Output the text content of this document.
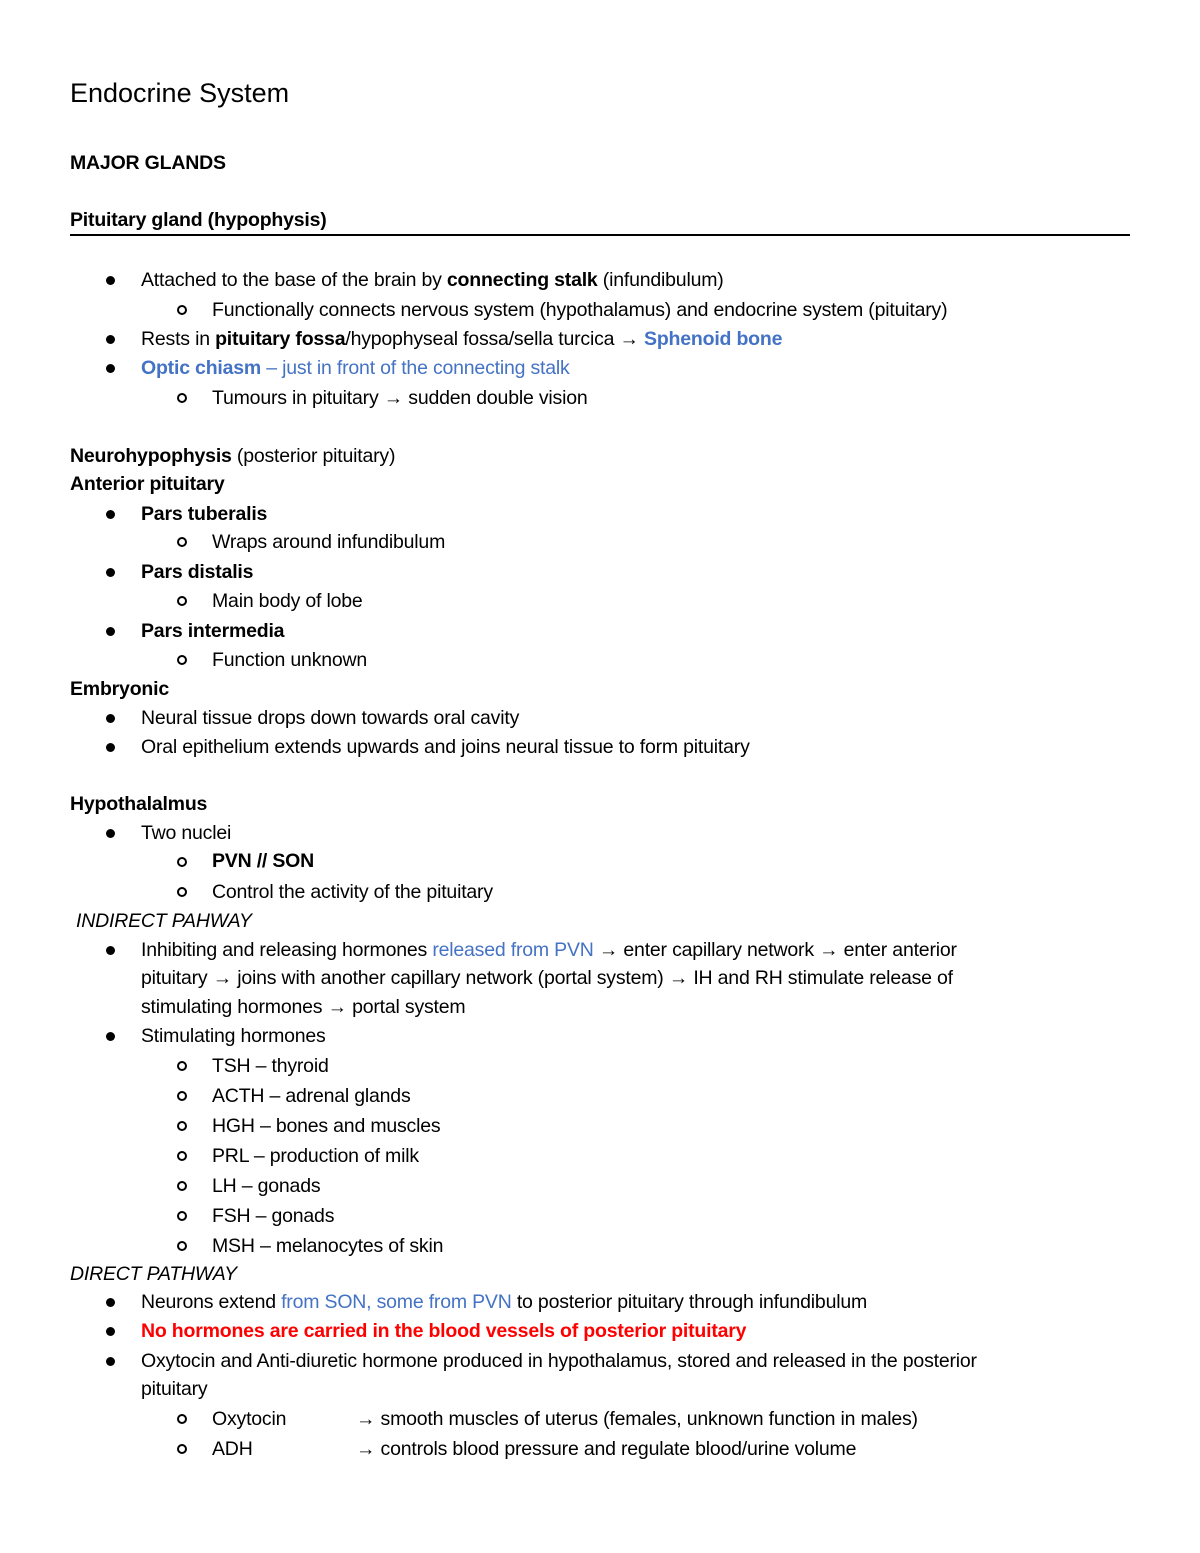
Endocrine System
MAJOR GLANDS
Pituitary gland (hypophysis)
Attached to the base of the brain by connecting stalk (infundibulum)
Functionally connects nervous system (hypothalamus) and endocrine system (pituitary)
Rests in pituitary fossa/hypophyseal fossa/sella turcica → Sphenoid bone
Optic chiasm – just in front of the connecting stalk
Tumours in pituitary → sudden double vision
Neurohypophysis (posterior pituitary)
Anterior pituitary
Pars tuberalis
Wraps around infundibulum
Pars distalis
Main body of lobe
Pars intermedia
Function unknown
Embryonic
Neural tissue drops down towards oral cavity
Oral epithelium extends upwards and joins neural tissue to form pituitary
Hypothalalmus
Two nuclei
PVN // SON
Control the activity of the pituitary
INDIRECT PAHWAY
Inhibiting and releasing hormones released from PVN → enter capillary network → enter anterior
pituitary → joins with another capillary network (portal system) → IH and RH stimulate release of
stimulating hormones → portal system
Stimulating hormones
TSH – thyroid
ACTH – adrenal glands
HGH – bones and muscles
PRL – production of milk
LH – gonads
FSH – gonads
MSH – melanocytes of skin
DIRECT PATHWAY
Neurons extend from SON, some from PVN to posterior pituitary through infundibulum
No hormones are carried in the blood vessels of posterior pituitary
Oxytocin and Anti-diuretic hormone produced in hypothalamus, stored and released in the posterior
pituitary
Oxytocin	→ smooth muscles of uterus (females, unknown function in males)
ADH	→ controls blood pressure and regulate blood/urine volume
